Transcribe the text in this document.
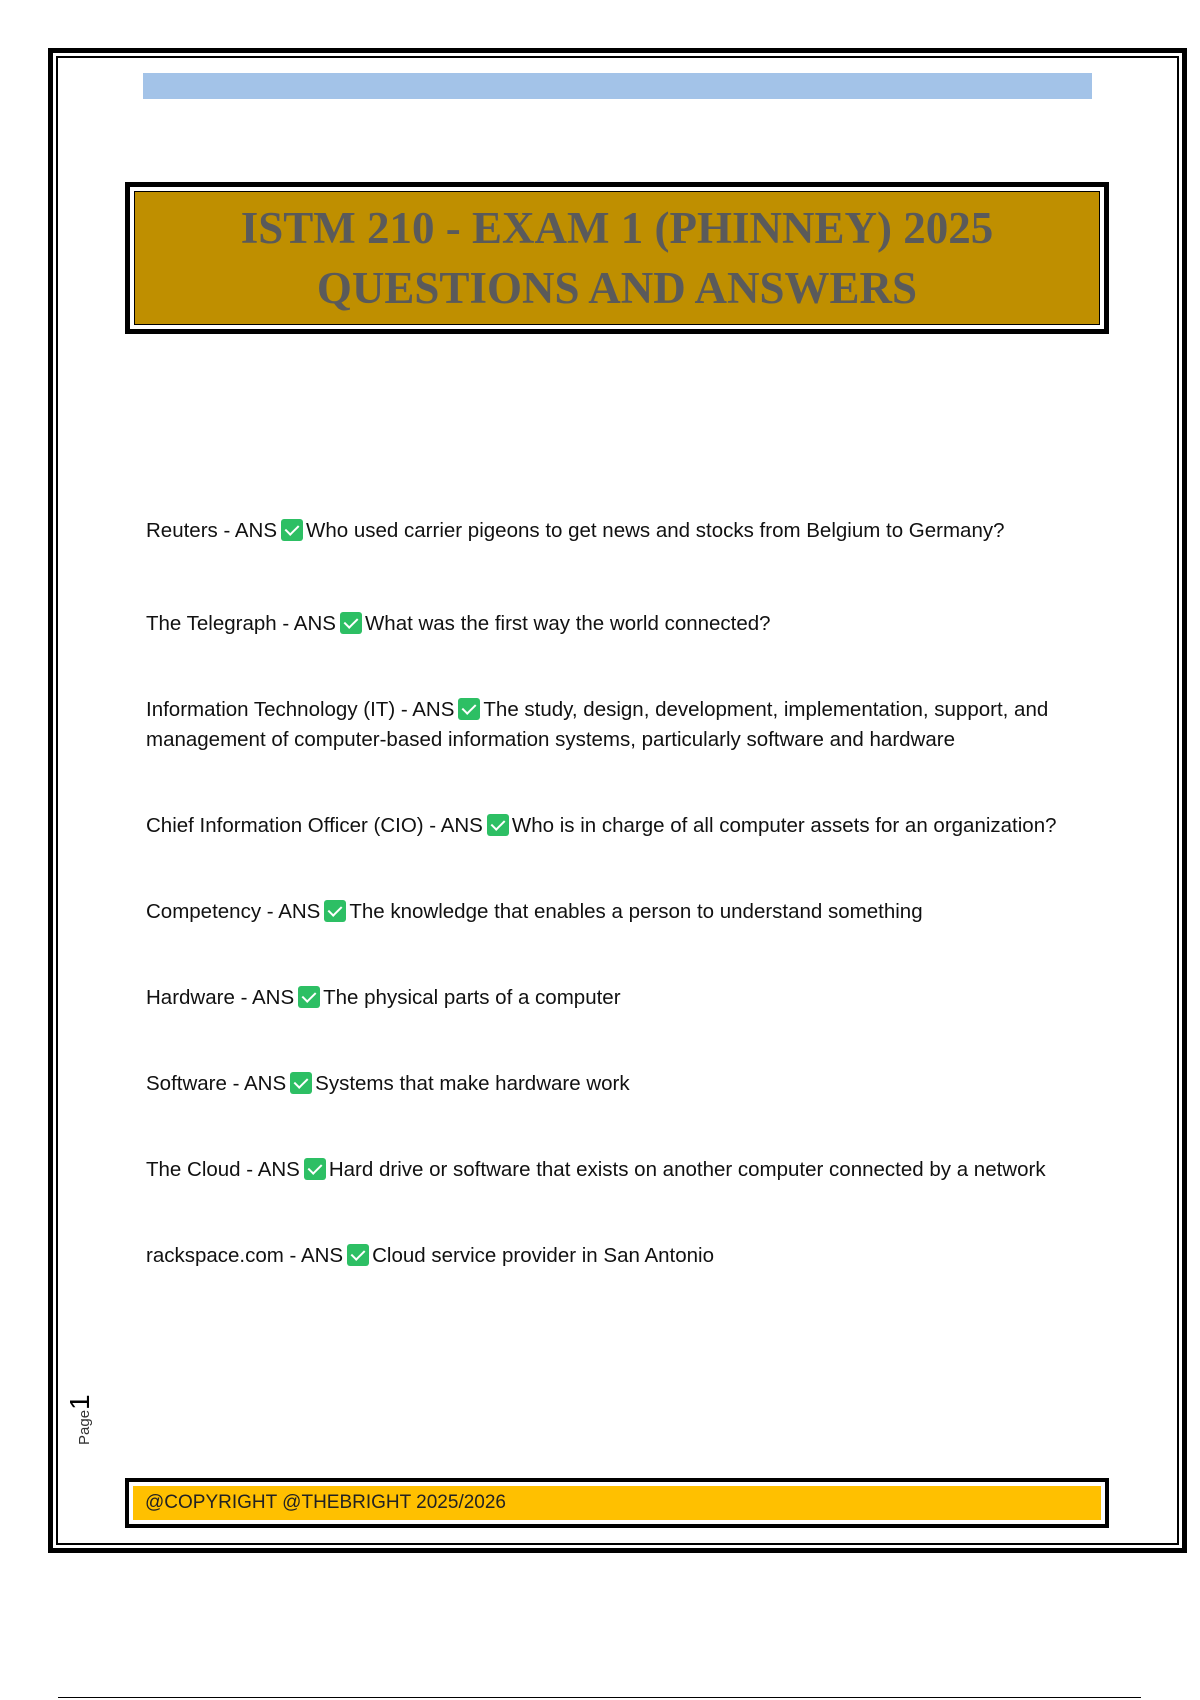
ISTM 210 - EXAM 1 (PHINNEY) 2025
QUESTIONS AND ANSWERS
Reuters - ANS Who used carrier pigeons to get news and stocks from Belgium to Germany?
The Telegraph - ANS What was the first way the world connected?
Information Technology (IT) - ANS The study, design, development, implementation, support, and management of computer-based information systems, particularly software and hardware
Chief Information Officer (CIO) - ANS Who is in charge of all computer assets for an organization?
Competency - ANS The knowledge that enables a person to understand something
Hardware - ANS The physical parts of a computer
Software - ANS Systems that make hardware work
The Cloud - ANS Hard drive or software that exists on another computer connected by a network
rackspace.com - ANS Cloud service provider in San Antonio
Page1
@COPYRIGHT @THEBRIGHT 2025/2026
